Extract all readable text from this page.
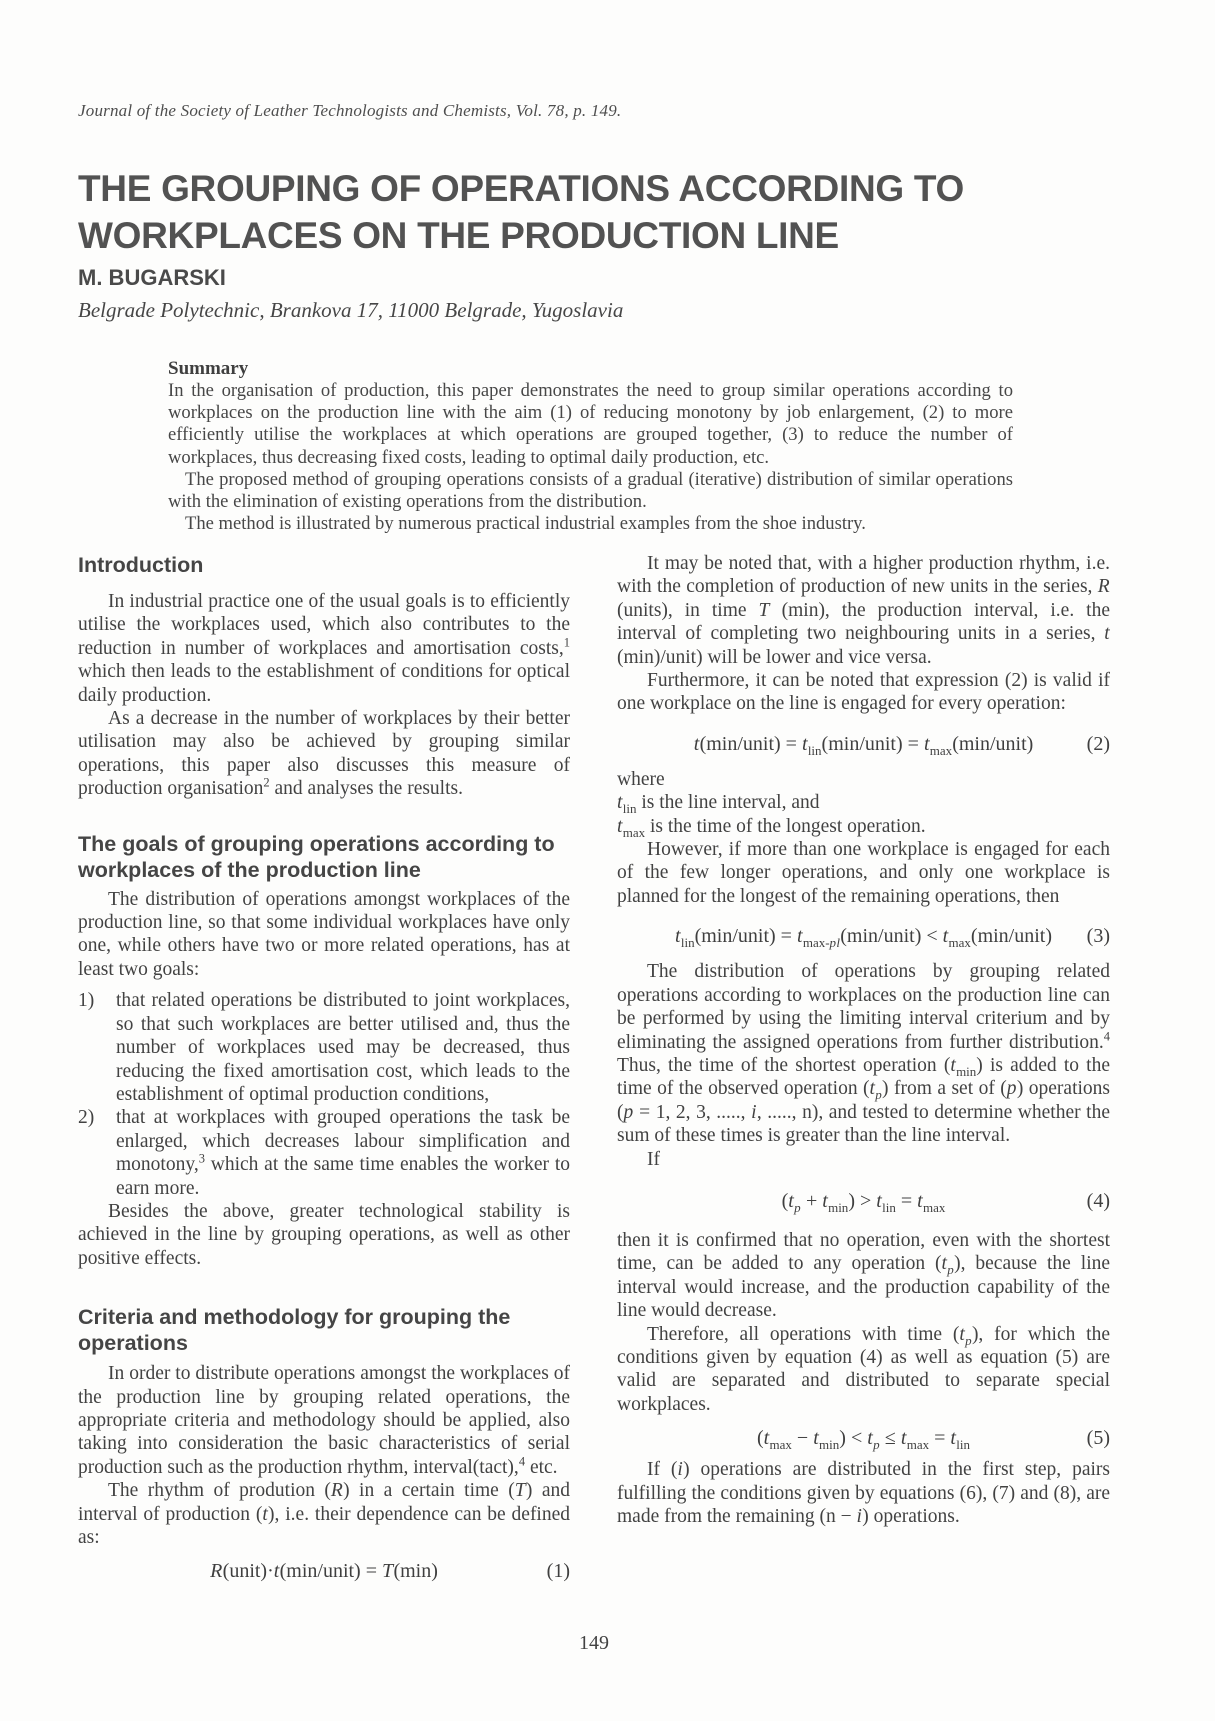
Journal of the Society of Leather Technologists and Chemists, Vol. 78, p. 149.
THE GROUPING OF OPERATIONS ACCORDING TO
WORKPLACES ON THE PRODUCTION LINE
M. BUGARSKI
Belgrade Polytechnic, Brankova 17, 11000 Belgrade, Yugoslavia
Summary

In the organisation of production, this paper demonstrates the need to group similar operations according to workplaces on the production line with the aim (1) of reducing monotony by job enlargement, (2) to more efficiently utilise the workplaces at which operations are grouped together, (3) to reduce the number of workplaces, thus decreasing fixed costs, leading to optimal daily production, etc.

The proposed method of grouping operations consists of a gradual (iterative) distribution of similar operations with the elimination of existing operations from the distribution.

The method is illustrated by numerous practical industrial examples from the shoe industry.

Introduction

In industrial practice one of the usual goals is to efficiently utilise the workplaces used, which also contributes to the reduction in number of workplaces and amortisation costs,$^1$ which then leads to the establishment of conditions for optical daily production.

As a decrease in the number of workplaces by their better utilisation may also be achieved by grouping similar operations, this paper also discusses this measure of production organisation$^2$ and analyses the results.

The goals of grouping operations according to workplaces of the production line

The distribution of operations amongst workplaces of the production line, so that some individual workplaces have only one, while others have two or more related operations, has at least two goals:

1)	that related operations be distributed to joint workplaces, so that such workplaces are better utilised and, thus the number of workplaces used may be decreased, thus reducing the fixed amortisation cost, which leads to the establishment of optimal production conditions,
2)	that at workplaces with grouped operations the task be enlarged, which decreases labour simplification and monotony,$^3$ which at the same time enables the worker to earn more.

Besides the above, greater technological stability is achieved in the line by grouping operations, as well as other positive effects.

Criteria and methodology for grouping the operations

In order to distribute operations amongst the workplaces of the production line by grouping related operations, the appropriate criteria and methodology should be applied, also taking into consideration the basic characteristics of serial production such as the production rhythm, interval(tact),$^4$ etc.

The rhythm of prodution (R) in a certain time (T) and interval of production (t), i.e. their dependence can be defined as:

R(unit)·t(min/unit) = T(min)	(1)

It may be noted that, with a higher production rhythm, i.e. with the completion of production of new units in the series, R (units), in time T (min), the production interval, i.e. the interval of completing two neighbouring units in a series, t (min)/unit) will be lower and vice versa.

Furthermore, it can be noted that expression (2) is valid if one workplace on the line is engaged for every operation:

t(min/unit) = $t_{lin}(\min/unit)$ = $t_{max}(\min/unit)$	(2)

where

$t_{lin}$ is the line interval, and

$t_{max}$ is the time of the longest operation.

However, if more than one workplace is engaged for each of the few longer operations, and only one workplace is planned for the longest of the remaining operations, then

$t_{lin}(\min/unit)$ = $t_{max-pl}(\min/unit)$ < $t_{max}(\min/unit)$ (3)

The distribution of operations by grouping related operations according to workplaces on the production line can be performed by using the limiting interval criterium and by eliminating the assigned operations from further distribution.$^4$ Thus, the time of the shortest operation $(t_{min})$ is added to the time of the observed operation $(t_p)$ from a set of (p) operations (p = 1, 2, 3, ....., i, ....., n), and tested to determine whether the sum of these times is greater than the line interval.

If

$(t_p + t_{min}) > t_{lin} = t_{max}$	(4)

then it is confirmed that no operation, even with the shortest time, can be added to any operation $(t_p)$, because the line interval would increase, and the production capability of the line would decrease.

Therefore, all operations with time $(t_p)$, for which the conditions given by equation (4) as well as equation (5) are valid are separated and distributed to separate special workplaces.

$(t_{max} - t_{min}) < t_p \le t_{max} = t_{lin}$	(5)

If (i) operations are distributed in the first step, pairs fulfilling the conditions given by equations (6), (7) and (8), are made from the remaining (n − i) operations.

149
